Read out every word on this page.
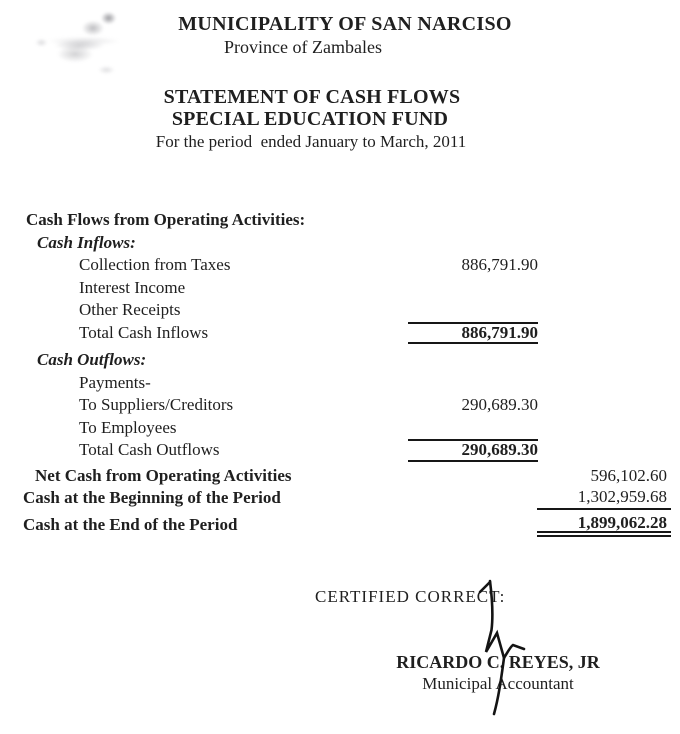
MUNICIPALITY OF SAN NARCISO
Province of Zambales
STATEMENT OF CASH FLOWS
SPECIAL EDUCATION FUND
For the period  ended January to March, 2011
Cash Flows from Operating Activities:
Cash Inflows:
Collection from Taxes	886,791.90
Interest Income
Other Receipts
Total Cash Inflows	886,791.90
Cash Outflows:
Payments-
To Suppliers/Creditors	290,689.30
To Employees
Total Cash Outflows	290,689.30
Net Cash from Operating Activities	596,102.60
Cash at the Beginning of the Period	1,302,959.68
Cash at the End of the Period	1,899,062.28
CERTIFIED CORRECT:
RICARDO C. REYES, JR
Municipal Accountant
